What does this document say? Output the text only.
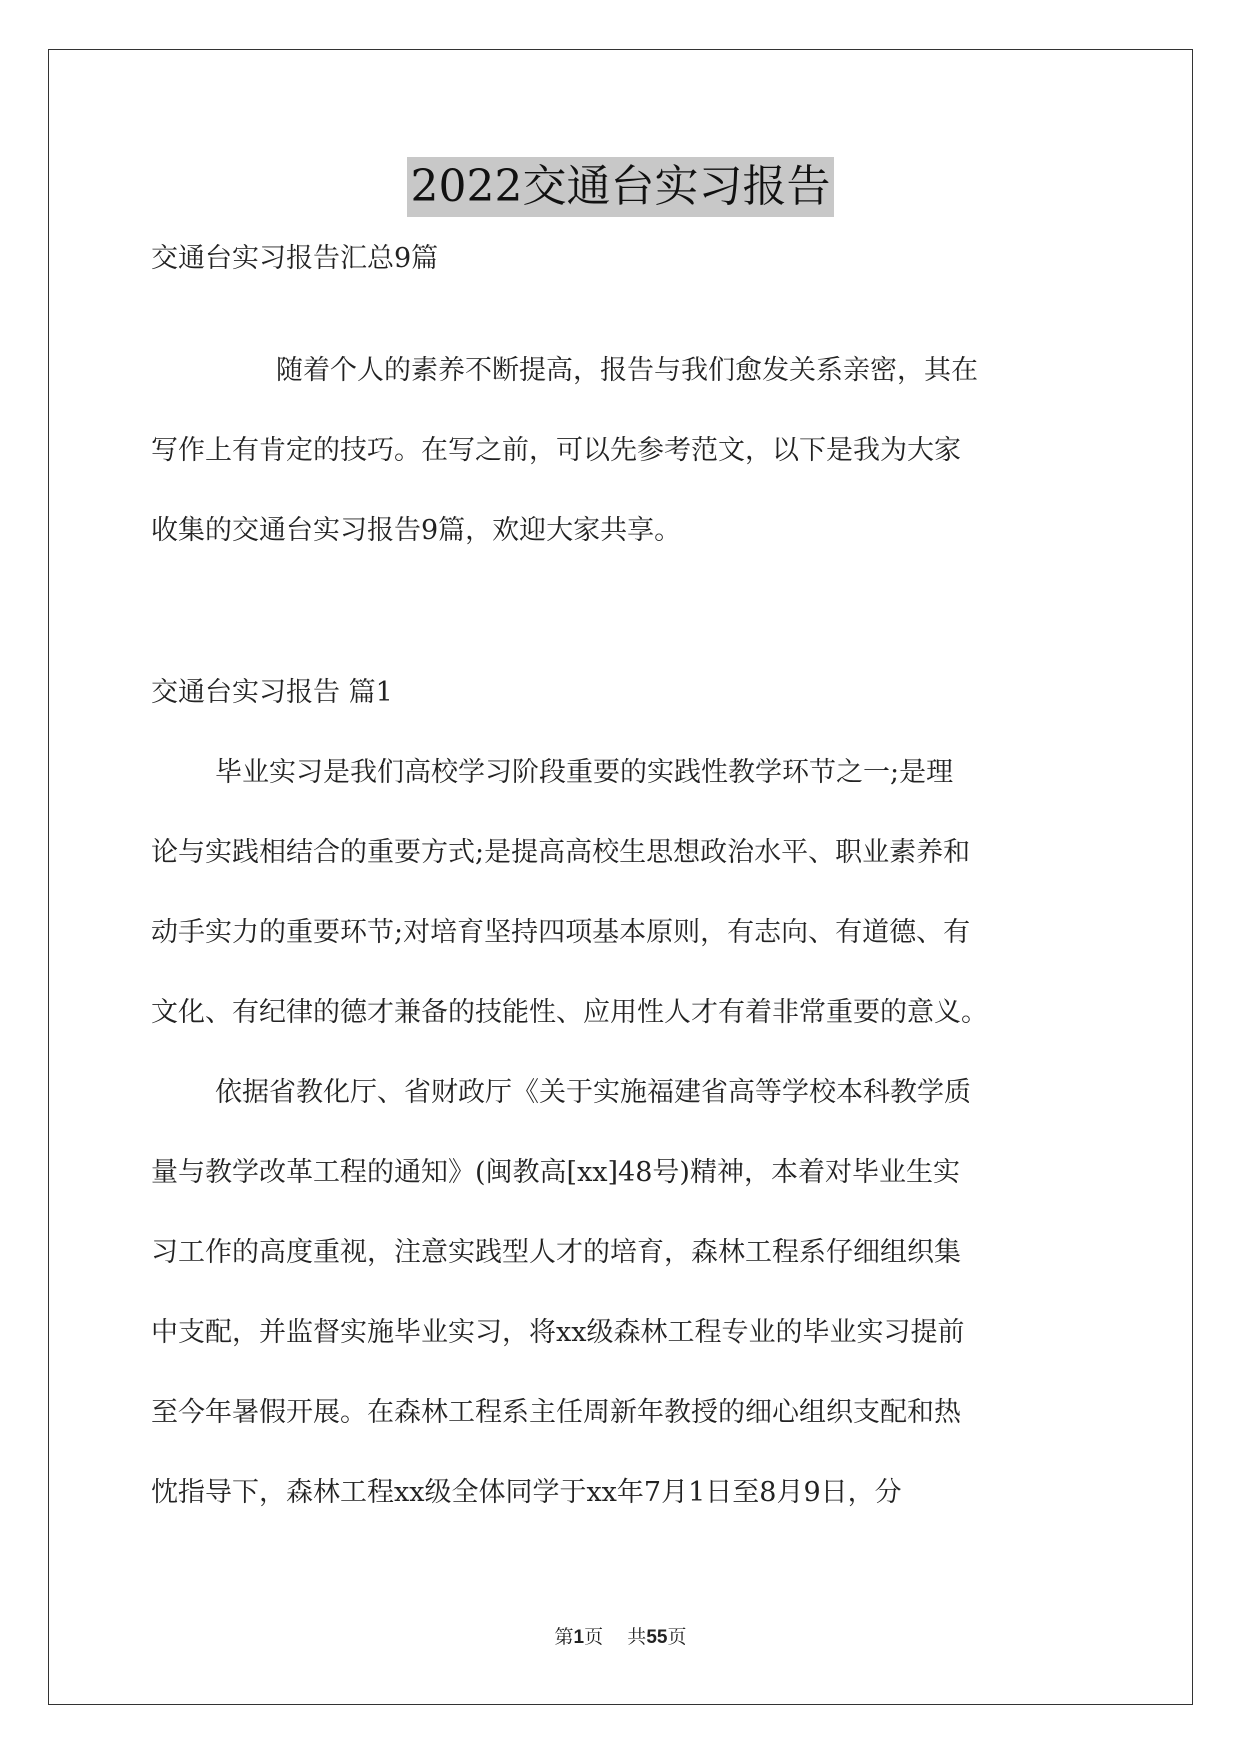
2022交通台实习报告
交通台实习报告汇总9篇
随着个人的素养不断提高，报告与我们愈发关系亲密，其在
写作上有肯定的技巧。在写之前，可以先参考范文，以下是我为大家
收集的交通台实习报告9篇，欢迎大家共享。
交通台实习报告 篇1
毕业实习是我们高校学习阶段重要的实践性教学环节之一;是理
论与实践相结合的重要方式;是提高高校生思想政治水平、职业素养和
动手实力的重要环节;对培育坚持四项基本原则，有志向、有道德、有
文化、有纪律的德才兼备的技能性、应用性人才有着非常重要的意义。
依据省教化厅、省财政厅《关于实施福建省高等学校本科教学质
量与教学改革工程的通知》(闽教高[xx]48号)精神，本着对毕业生实
习工作的高度重视，注意实践型人才的培育，森林工程系仔细组织集
中支配，并监督实施毕业实习，将xx级森林工程专业的毕业实习提前
至今年暑假开展。在森林工程系主任周新年教授的细心组织支配和热
忱指导下，森林工程xx级全体同学于xx年7月1日至8月9日，分
第1页 共55页
